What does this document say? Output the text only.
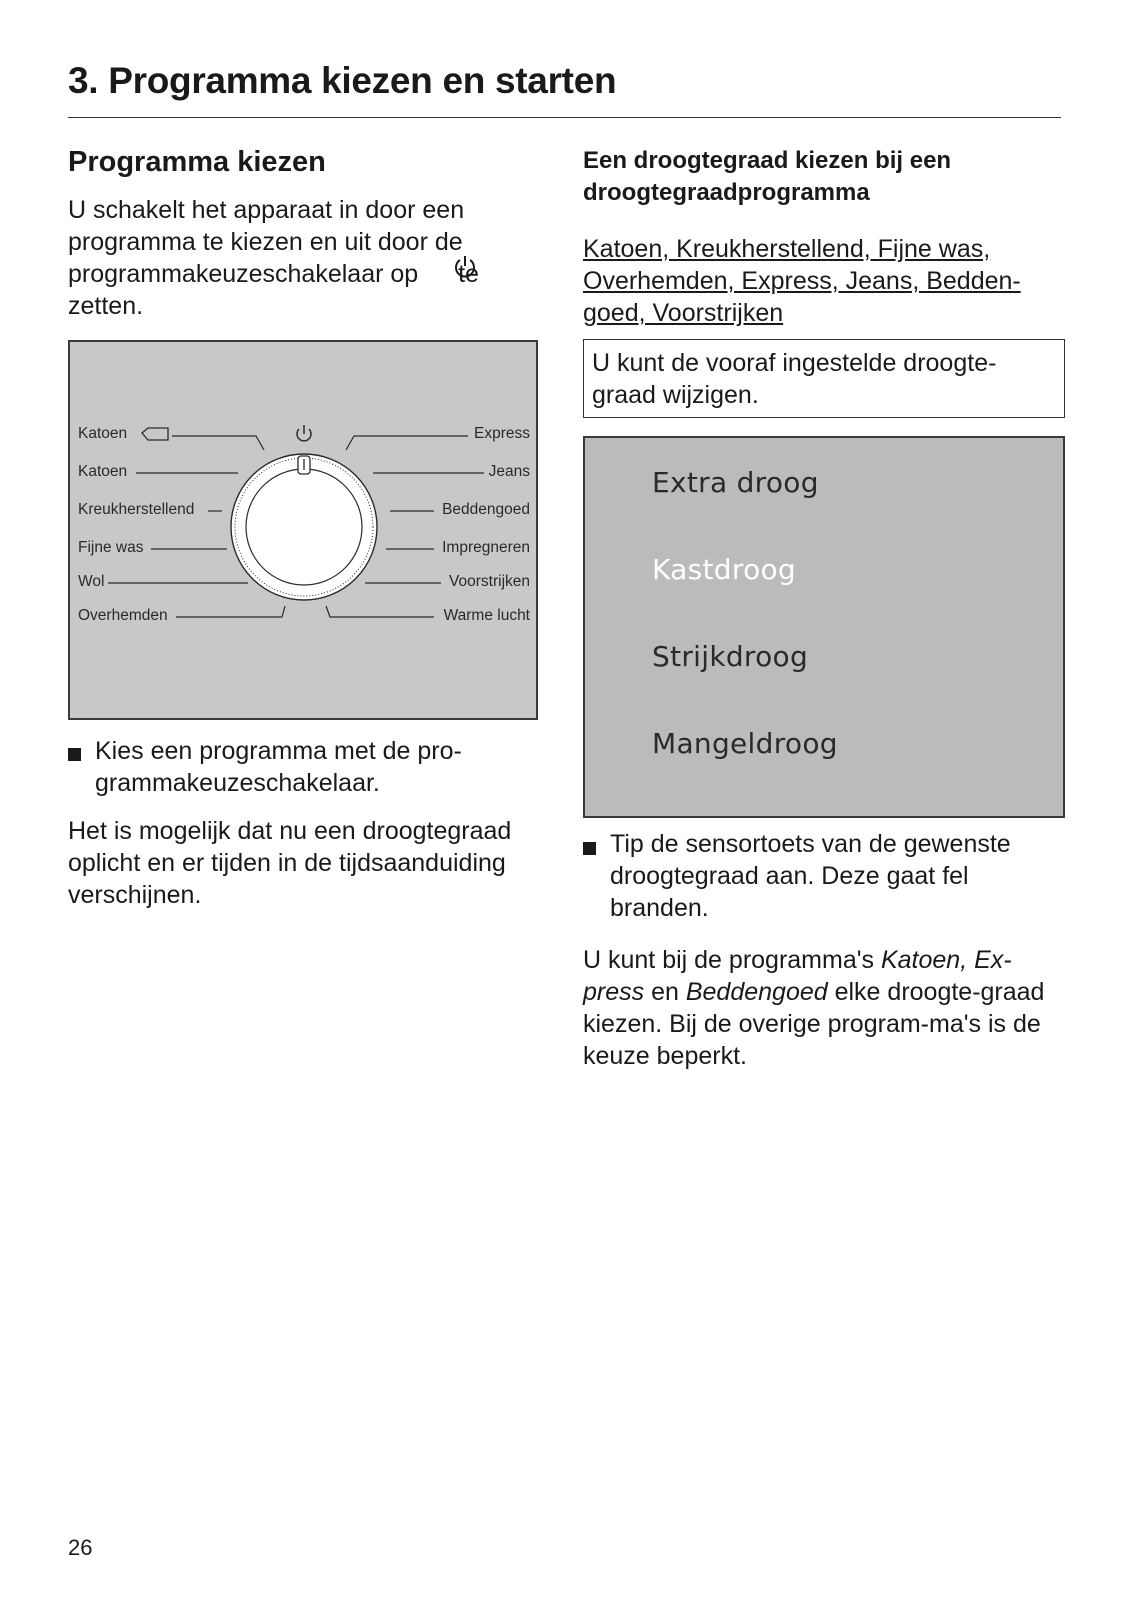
3. Programma kiezen en starten
Programma kiezen

U schakelt het apparaat in door een programma te kiezen en uit door de programmakeuzeschakelaar op te zetten.

Katoen
Katoen
Kreukherstellend
Fijne was
Wol
Overhemden
Express
Jeans
Beddengoed
Impregneren
Voorstrijken
Warme lucht

Kies een programma met de pro-grammakeuzeschakelaar.

Het is mogelijk dat nu een droogtegraad oplicht en er tijden in de tijdsaanduiding verschijnen.

Een droogtegraad kiezen bij een droogtegraadprogramma

Katoen, Kreukherstellend, Fijne was,
Overhemden, Express, Jeans, Bedden-
goed, Voorstrijken

U kunt de vooraf ingestelde droogte-graad wijzigen.

Extra droog
Kastdroog
Strijkdroog
Mangeldroog

Tip de sensortoets van de gewenste droogtegraad aan. Deze gaat fel branden.

U kunt bij de programma's Katoen, Ex-press en Beddengoed elke droogte-graad kiezen. Bij de overige program-ma's is de keuze beperkt.

26
